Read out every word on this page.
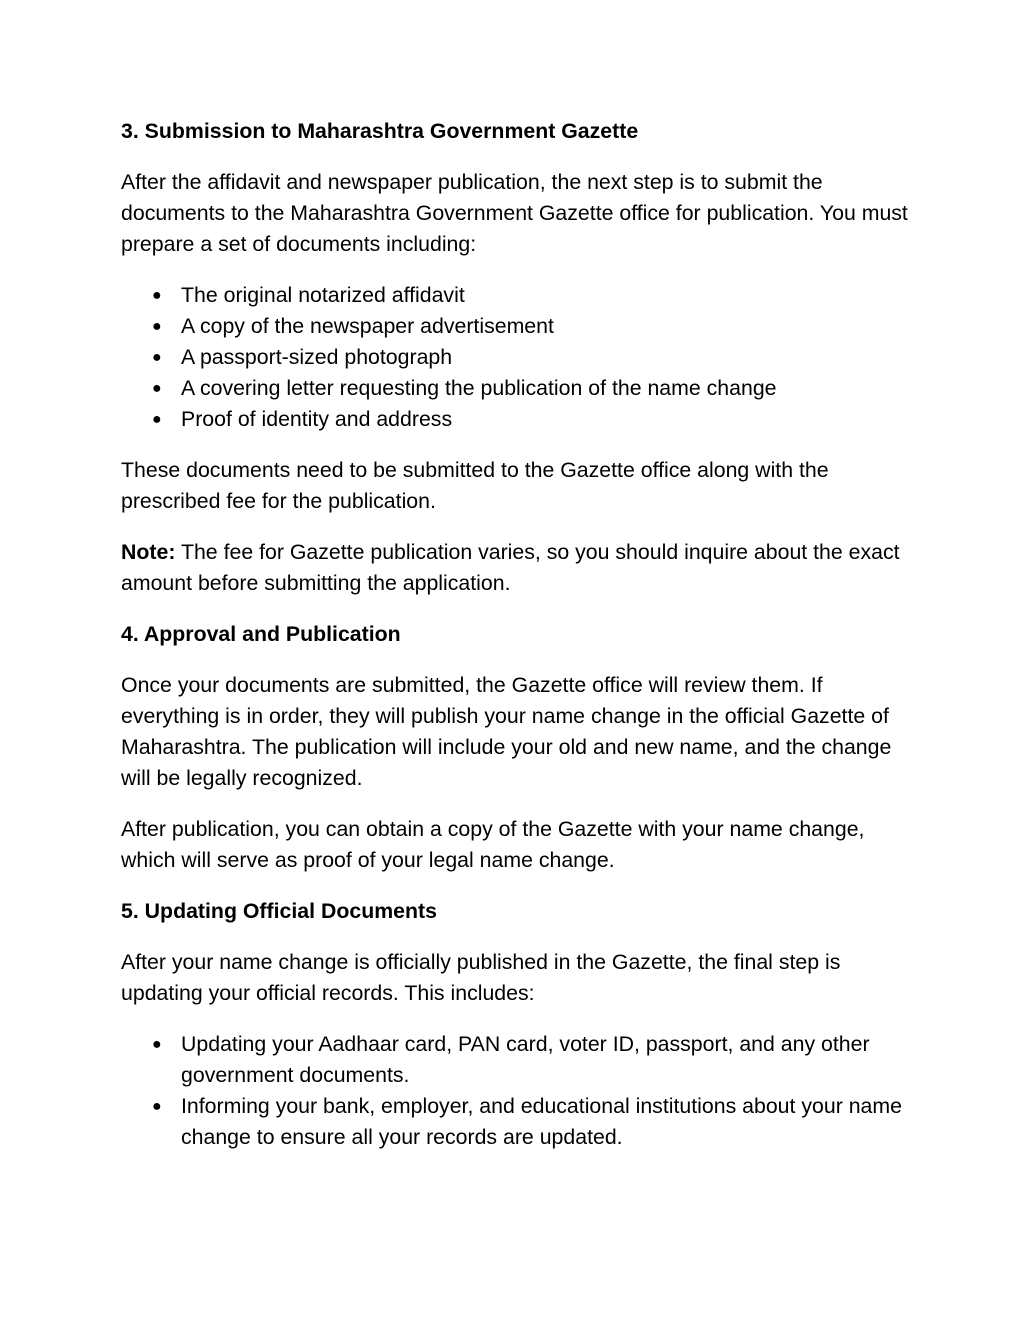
3. Submission to Maharashtra Government Gazette

After the affidavit and newspaper publication, the next step is to submit the documents to the Maharashtra Government Gazette office for publication. You must prepare a set of documents including:

● The original notarized affidavit
● A copy of the newspaper advertisement
● A passport-sized photograph
● A covering letter requesting the publication of the name change
● Proof of identity and address

These documents need to be submitted to the Gazette office along with the prescribed fee for the publication.

Note: The fee for Gazette publication varies, so you should inquire about the exact amount before submitting the application.

4. Approval and Publication

Once your documents are submitted, the Gazette office will review them. If everything is in order, they will publish your name change in the official Gazette of Maharashtra. The publication will include your old and new name, and the change will be legally recognized.

After publication, you can obtain a copy of the Gazette with your name change, which will serve as proof of your legal name change.

5. Updating Official Documents

After your name change is officially published in the Gazette, the final step is updating your official records. This includes:

● Updating your Aadhaar card, PAN card, voter ID, passport, and any other government documents.
● Informing your bank, employer, and educational institutions about your name change to ensure all your records are updated.
